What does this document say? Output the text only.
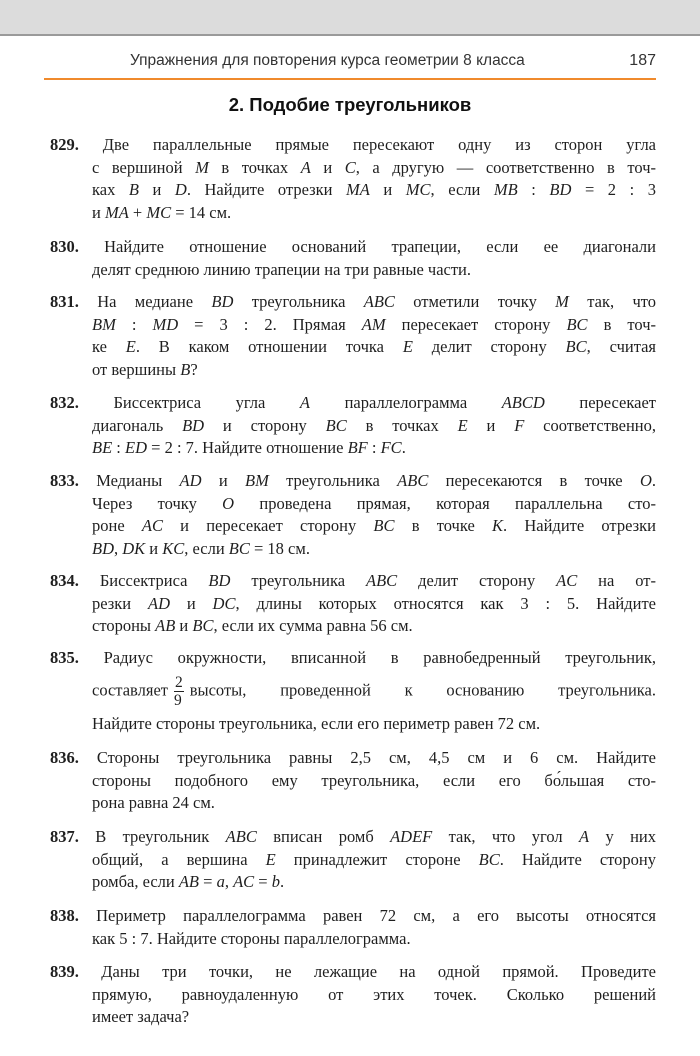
Упражнения для повторения курса геометрии 8 класса	187
2. Подобие треугольников
829. Две параллельные прямые пересекают одну из сторон угла
с вершиной M в точках A и C, а другую — соответственно в точ-
ках B и D. Найдите отрезки MA и MC, если MB : BD = 2 : 3
и MA + MC = 14 см.
830. Найдите отношение оснований трапеции, если ее диагонали
делят среднюю линию трапеции на три равные части.
831. На медиане BD треугольника ABC отметили точку M так, что
BM : MD = 3 : 2. Прямая AM пересекает сторону BC в точ-
ке E. В каком отношении точка E делит сторону BC, считая
от вершины B?
832. Биссектриса угла A параллелограмма ABCD пересекает
диагональ BD и сторону BC в точках E и F соответственно,
BE : ED = 2 : 7. Найдите отношение BF : FC.
833. Медианы AD и BM треугольника ABC пересекаются в точке O.
Через точку O проведена прямая, которая параллельна сто-
роне AC и пересекает сторону BC в точке K. Найдите отрезки
BD, DK и KC, если BC = 18 см.
834. Биссектриса BD треугольника ABC делит сторону AC на от-
резки AD и DC, длины которых относятся как 3 : 5. Найдите
стороны AB и BC, если их сумма равна 56 см.
835. Радиус окружности, вписанной в равнобедренный треугольник,
составляет $\frac{2}{9}$ высоты, проведенной к основанию треугольника.
Найдите стороны треугольника, если его периметр равен 72 см.
836. Стороны треугольника равны 2,5 см, 4,5 см и 6 см. Найдите
стороны подобного ему треугольника, если его бо́льшая сто-
рона равна 24 см.
837. В треугольник ABC вписан ромб ADEF так, что угол A у них
общий, а вершина E принадлежит стороне BC. Найдите сторону
ромба, если AB = a, AC = b.
838. Периметр параллелограмма равен 72 см, а его высоты относятся
как 5 : 7. Найдите стороны параллелограмма.
839. Даны три точки, не лежащие на одной прямой. Проведите
прямую, равноудаленную от этих точек. Сколько решений
имеет задача?
